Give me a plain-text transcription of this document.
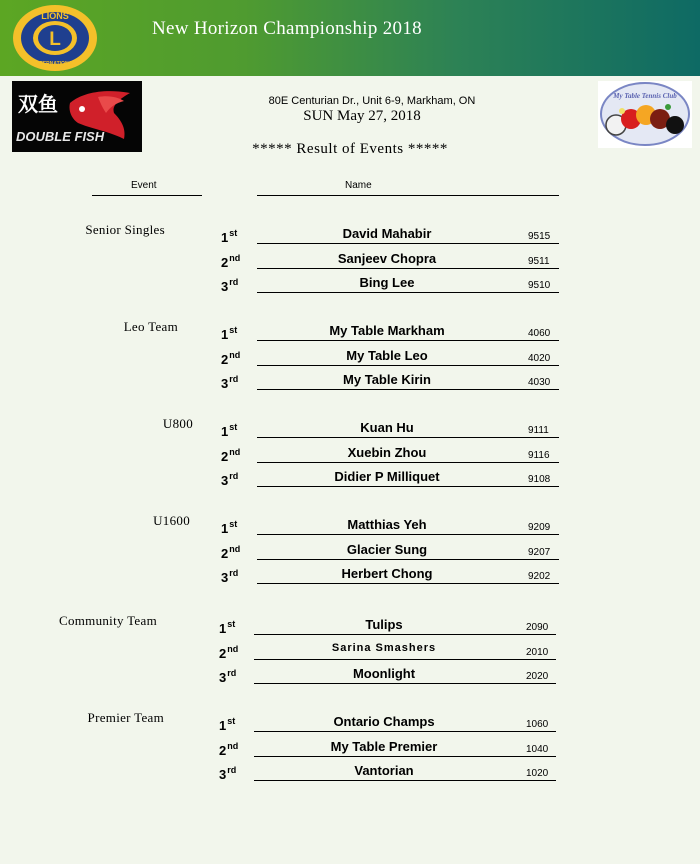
New Horizon Championship 2018
L
LIONS
INTERNATIONAL
双鱼
DOUBLE FISH
My Table Tennis Club
80E Centurian Dr., Unit 6-9, Markham, ON
SUN May 27, 2018
***** Result of Events *****
Event	Name
Senior Singles
1st	David Mahabir	9515
2nd	Sanjeev Chopra	9511
3rd	Bing Lee	9510
Leo Team
1st	My Table Markham	4060
2nd	My Table Leo	4020
3rd	My Table Kirin	4030
U800
1st	Kuan Hu	9111
2nd	Xuebin Zhou	9116
3rd	Didier P Milliquet	9108
U1600
1st	Matthias Yeh	9209
2nd	Glacier Sung	9207
3rd	Herbert Chong	9202
Community Team
1st	Tulips	2090
2nd	Sarina Smashers	2010
3rd	Moonlight	2020
Premier Team
1st	Ontario Champs	1060
2nd	My Table Premier	1040
3rd	Vantorian	1020
